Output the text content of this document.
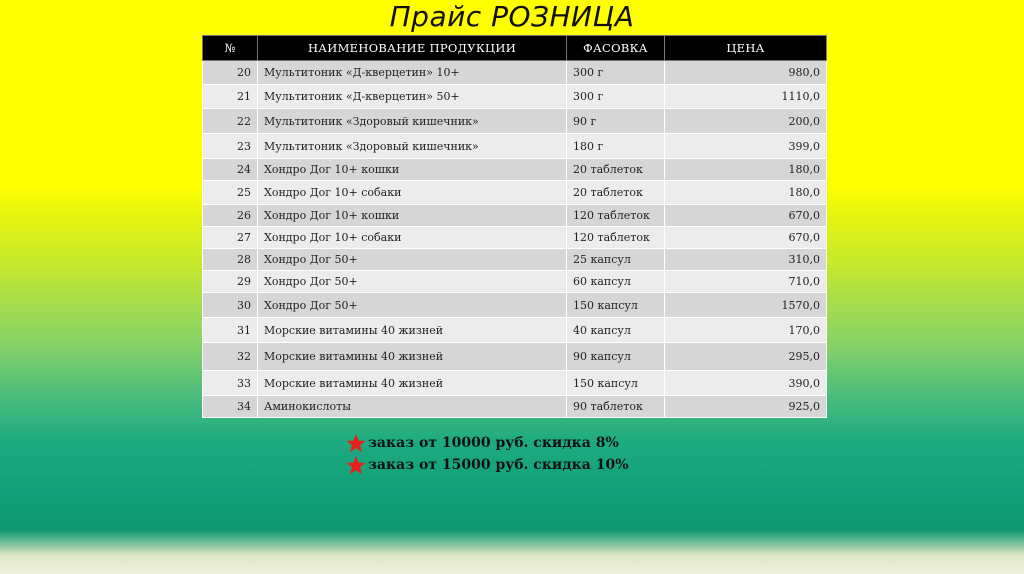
Прайс РОЗНИЦА
№	НАИМЕНОВАНИЕ ПРОДУКЦИИ	ФАСОВКА	ЦЕНА
20	Мультитоник «Д-кверцетин» 10+	300 г	980,0
21	Мультитоник «Д-кверцетин» 50+	300 г	1110,0
22	Мультитоник «Здоровый кишечник»	90 г	200,0
23	Мультитоник «Здоровый кишечник»	180 г	399,0
24	Хондро Дог 10+ кошки	20 таблеток	180,0
25	Хондро Дог 10+ собаки	20 таблеток	180,0
26	Хондро Дог 10+ кошки	120 таблеток	670,0
27	Хондро Дог 10+ собаки	120 таблеток	670,0
28	Хондро Дог 50+	25 капсул	310,0
29	Хондро Дог 50+	60 капсул	710,0
30	Хондро Дог 50+	150 капсул	1570,0
31	Морские витамины 40 жизней	40 капсул	170,0
32	Морские витамины 40 жизней	90 капсул	295,0
33	Морские витамины 40 жизней	150 капсул	390,0
34	Аминокислоты	90 таблеток	925,0
заказ от 10000 руб. скидка 8%
заказ от 15000 руб. скидка 10%
